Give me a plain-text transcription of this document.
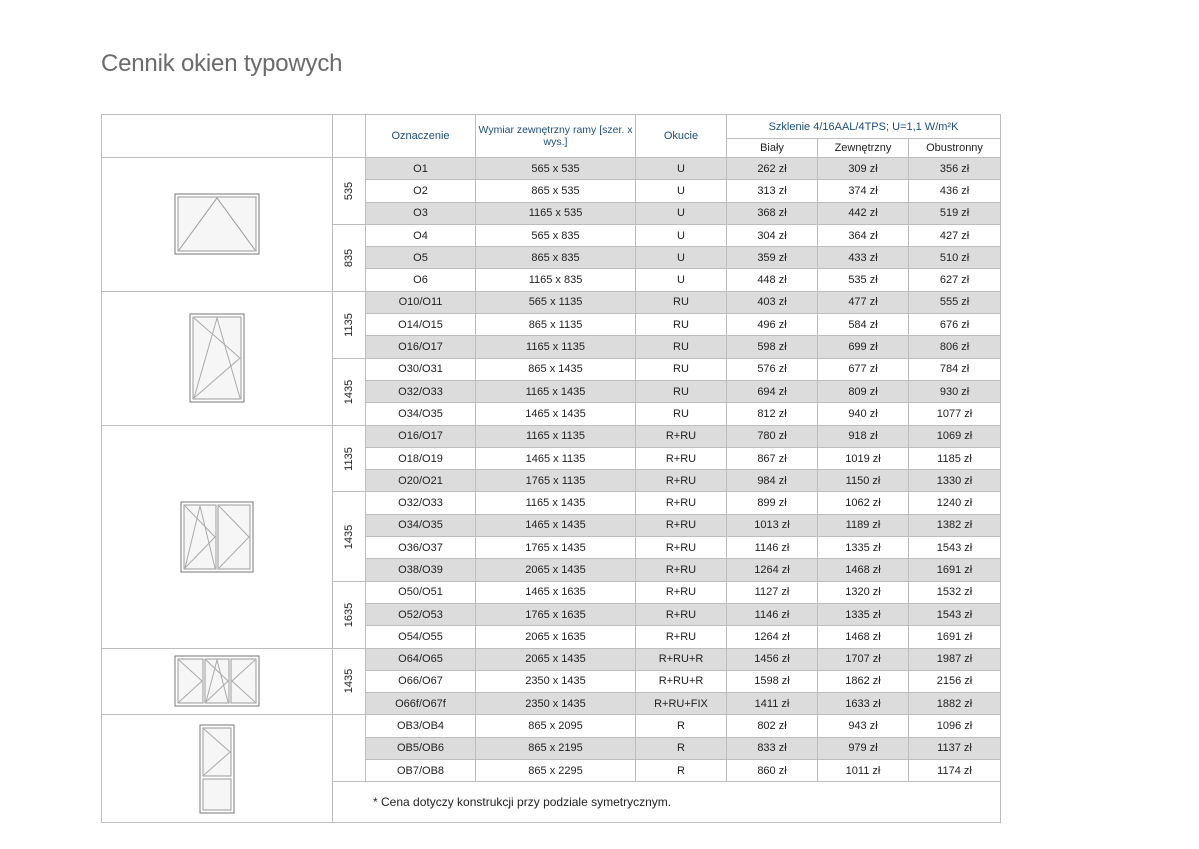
Cennik okien typowych
		Oznaczenie	Wymiar zewnętrzny ramy [szer. x wys.]	Okucie	Szklenie 4/16AAL/4TPS; U=1,1 W/m²K		
					Biały	Zewnętrzny	Obustronny

	535	O1	565 x 535	U	262 zł	309 zł	356 zł
		O2	865 x 535	U	313 zł	374 zł	436 zł
		O3	1165 x 535	U	368 zł	442 zł	519 zł
	835	O4	565 x 835	U	304 zł	364 zł	427 zł
		O5	865 x 835	U	359 zł	433 zł	510 zł
		O6	1165 x 835	U	448 zł	535 zł	627 zł

	1135	O10/O11	565 x 1135	RU	403 zł	477 zł	555 zł
		O14/O15	865 x 1135	RU	496 zł	584 zł	676 zł
		O16/O17	1165 x 1135	RU	598 zł	699 zł	806 zł
	1435	O30/O31	865 x 1435	RU	576 zł	677 zł	784 zł
		O32/O33	1165 x 1435	RU	694 zł	809 zł	930 zł
		O34/O35	1465 x 1435	RU	812 zł	940 zł	1077 zł

	1135	O16/O17	1165 x 1135	R+RU	780 zł	918 zł	1069 zł
		O18/O19	1465 x 1135	R+RU	867 zł	1019 zł	1185 zł
		O20/O21	1765 x 1135	R+RU	984 zł	1150 zł	1330 zł
	1435	O32/O33	1165 x 1435	R+RU	899 zł	1062 zł	1240 zł
		O34/O35	1465 x 1435	R+RU	1013 zł	1189 zł	1382 zł
		O36/O37	1765 x 1435	R+RU	1146 zł	1335 zł	1543 zł
		O38/O39	2065 x 1435	R+RU	1264 zł	1468 zł	1691 zł
	1635	O50/O51	1465 x 1635	R+RU	1127 zł	1320 zł	1532 zł
		O52/O53	1765 x 1635	R+RU	1146 zł	1335 zł	1543 zł
		O54/O55	2065 x 1635	R+RU	1264 zł	1468 zł	1691 zł

	1435	O64/O65	2065 x 1435	R+RU+R	1456 zł	1707 zł	1987 zł
		O66/O67	2350 x 1435	R+RU+R	1598 zł	1862 zł	2156 zł
		O66f/O67f	2350 x 1435	R+RU+FIX	1411 zł	1633 zł	1882 zł

		OB3/OB4	865 x 2095	R	802 zł	943 zł	1096 zł
		OB5/OB6	865 x 2195	R	833 zł	979 zł	1137 zł
		OB7/OB8	865 x 2295	R	860 zł	1011 zł	1174 zł
	* Cena dotyczy konstrukcji przy podziale symetrycznym.						
